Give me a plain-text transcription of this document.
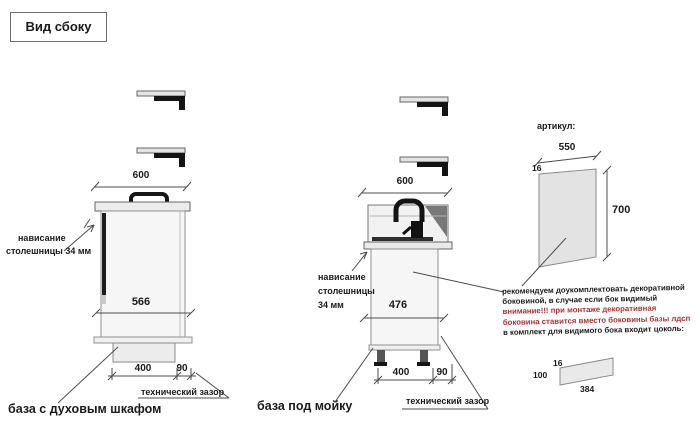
Вид сбоку
600
566
400	90
технический зазор
нависание
столешницы 34 мм
база с духовым шкафом
600
476
400	90
технический зазор
нависание
столешницы
34 мм
база под мойку
артикул:
550
16
700
рекомендуем доукомплектовать декоративной
боковиной, в случае если бок видимый
внимание!!! при монтаже декоративная
боковина ставится вместо боковины базы лдсп
в комплект для видимого бока входит цоколь:
16
100
384
